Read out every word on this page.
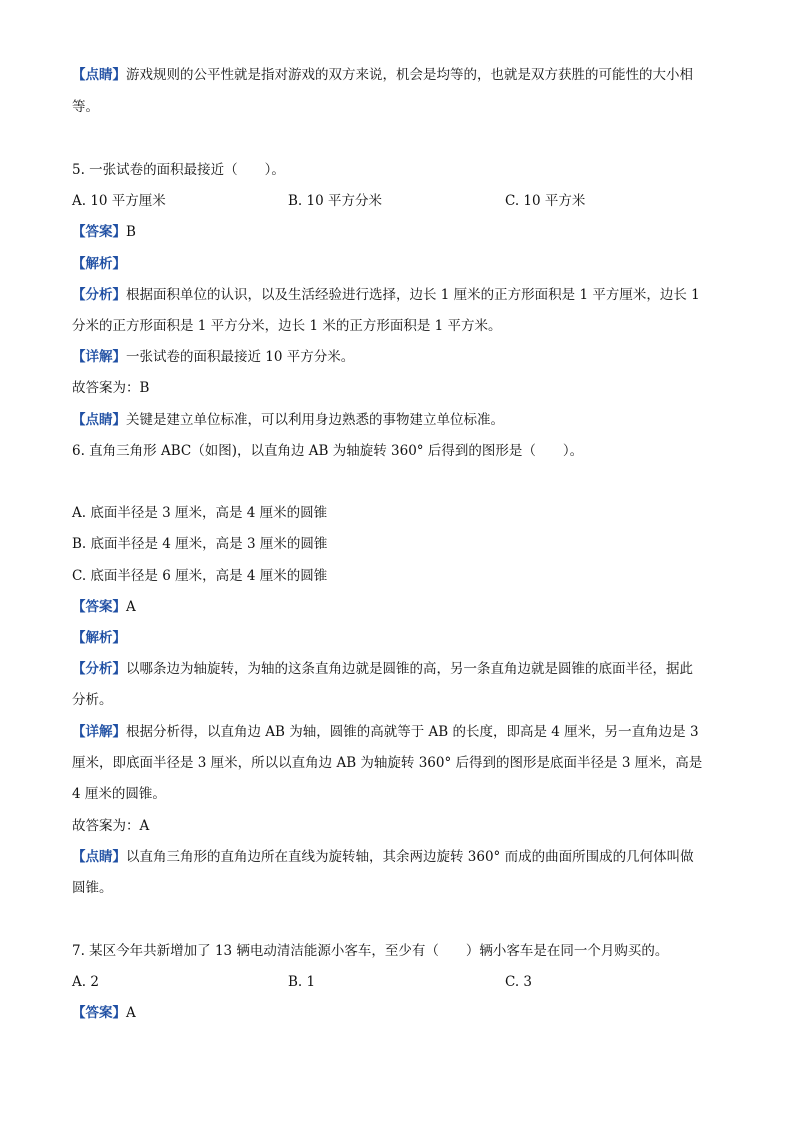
【点睛】游戏规则的公平性就是指对游戏的双方来说，机会是均等的，也就是双方获胜的可能性的大小相
等。
5. 一张试卷的面积最接近（　　）。
A. 10 平方厘米	B. 10 平方分米	C. 10 平方米
【答案】B
【解析】
【分析】根据面积单位的认识，以及生活经验进行选择，边长 1 厘米的正方形面积是 1 平方厘米，边长 1
分米的正方形面积是 1 平方分米，边长 1 米的正方形面积是 1 平方米。
【详解】一张试卷的面积最接近 10 平方分米。
故答案为：B
【点睛】关键是建立单位标准，可以利用身边熟悉的事物建立单位标准。
6. 直角三角形 ABC（如图)，以直角边 AB 为轴旋转 360° 后得到的图形是（　　）。
A. 底面半径是 3 厘米，高是 4 厘米的圆锥
B. 底面半径是 4 厘米，高是 3 厘米的圆锥
C. 底面半径是 6 厘米，高是 4 厘米的圆锥
【答案】A
【解析】
【分析】以哪条边为轴旋转，为轴的这条直角边就是圆锥的高，另一条直角边就是圆锥的底面半径，据此
分析。
【详解】根据分析得，以直角边 AB 为轴，圆锥的高就等于 AB 的长度，即高是 4 厘米，另一直角边是 3
厘米，即底面半径是 3 厘米，所以以直角边 AB 为轴旋转 360° 后得到的图形是底面半径是 3 厘米，高是
4 厘米的圆锥。
故答案为：A
【点睛】以直角三角形的直角边所在直线为旋转轴，其余两边旋转 360° 而成的曲面所围成的几何体叫做
圆锥。
7. 某区今年共新增加了 13 辆电动清洁能源小客车，至少有（　　）辆小客车是在同一个月购买的。
A. 2	B. 1	C. 3
【答案】A
